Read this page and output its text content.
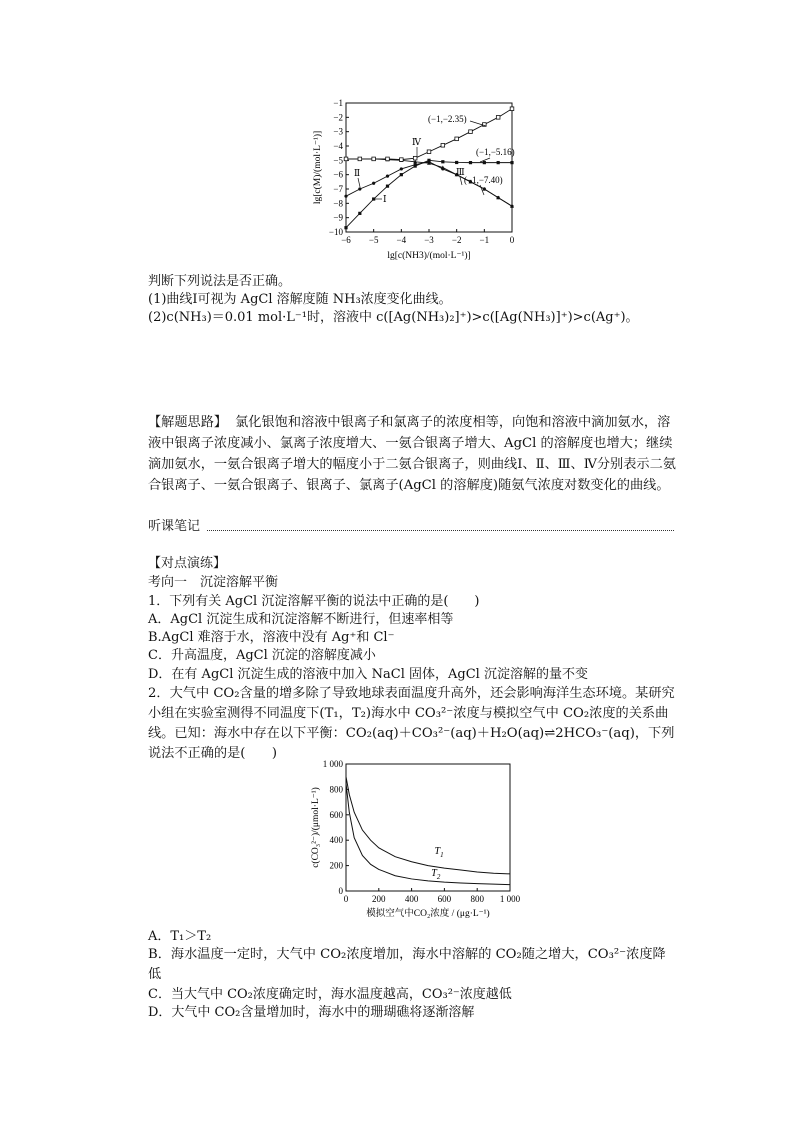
−6 −5 −4 −3 −2 −1 0
−1
−2
−3
−4
−5
−6
−7
−8
−9
−10
lg[c(NH3)/(mol·L⁻¹)]
lg[c(M)/(mol·L⁻¹)]
(−1,−2.35)
(−1,−5.16)
(−1,−7.40)
Ⅳ
Ⅱ	Ⅲ
Ⅰ
判断下列说法是否正确。
(1)曲线Ⅰ可视为 AgCl 溶解度随 NH₃浓度变化曲线。
(2)c(NH₃)＝0.01 mol·L⁻¹时，溶液中 c([Ag(NH₃)₂]⁺)>c([Ag(NH₃)]⁺)>c(Ag⁺)。
【解题思路】 氯化银饱和溶液中银离子和氯离子的浓度相等，向饱和溶液中滴加氨水，溶液中银离子浓度减小、氯离子浓度增大、一氨合银离子增大、AgCl 的溶解度也增大；继续滴加氨水，一氨合银离子增大的幅度小于二氨合银离子，则曲线Ⅰ、Ⅱ、Ⅲ、Ⅳ分别表示二氨合银离子、一氨合银离子、银离子、氯离子(AgCl 的溶解度)随氨气浓度对数变化的曲线。
听课笔记
【对点演练】
考向一　沉淀溶解平衡
1．下列有关 AgCl 沉淀溶解平衡的说法中正确的是(　　)
A．AgCl 沉淀生成和沉淀溶解不断进行，但速率相等
B.AgCl 难溶于水，溶液中没有 Ag⁺和 Cl⁻
C．升高温度，AgCl 沉淀的溶解度减小
D．在有 AgCl 沉淀生成的溶液中加入 NaCl 固体，AgCl 沉淀溶解的量不变
2．大气中 CO₂含量的增多除了导致地球表面温度升高外，还会影响海洋生态环境。某研究小组在实验室测得不同温度下(T₁，T₂)海水中 CO₃²⁻浓度与模拟空气中 CO₂浓度的关系曲线。已知：海水中存在以下平衡：CO₂(aq)＋CO₃²⁻(aq)＋H₂O(aq)⇌2HCO₃⁻(aq)，下列说法不正确的是(　　)
0	200 400 600 800 1 000
0
200
400
600
800
1 000
模拟空气中CO₂浓度 / (μg·L⁻¹)
c(CO₃²⁻)/(μmol·L⁻¹)	$T_1$
$T_2$
A．T₁＞T₂
B．海水温度一定时，大气中 CO₂浓度增加，海水中溶解的 CO₂随之增大，CO₃²⁻浓度降低
C．当大气中 CO₂浓度确定时，海水温度越高，CO₃²⁻浓度越低
D．大气中 CO₂含量增加时，海水中的珊瑚礁将逐渐溶解
